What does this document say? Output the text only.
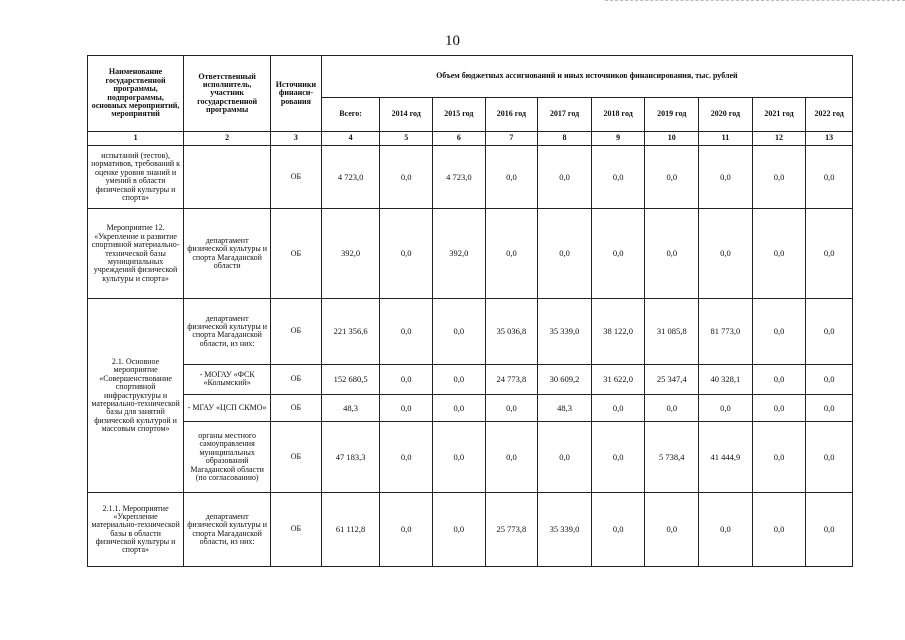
10
Наименование государственной программы, подпрограммы, основных мероприятий, мероприятий	Ответственный исполнитель, участник государственной программы	Источники финанси-рования	Объем бюджетных ассигнований и иных источников финансирования, тыс. рублей									
			Всего:	2014 год	2015 год	2016 год	2017 год	2018 год	2019 год	2020 год	2021 год	2022 год
1	2	3	4	5	6	7	8	9	10	11	12	13
испытаний (тестов), нормативов, требований к оценке уровня знаний и умений в области физической культуры и спорта»		ОБ	4 723,0	0,0	4 723,0	0,0	0,0	0,0	0,0	0,0	0,0	0,0
Мероприятие 12. «Укрепление и развитие спортивной материально-технической базы муниципальных учреждений физической культуры и спорта»	департамент физической культуры и спорта Магаданской области	ОБ	392,0	0,0	392,0	0,0	0,0	0,0	0,0	0,0	0,0	0,0
2.1. Основное мероприятие «Совершенствование спортивной инфраструктуры и материально-технической базы для занятий физической культурой и массовым спортом»	департамент физической культуры и спорта Магаданской области, из них:	ОБ	221 356,6	0,0	0,0	35 036,8	35 339,0	38 122,0	31 085,8	81 773,0	0,0	0,0
	- МОГАУ «ФСК «Колымский»	ОБ	152 680,5	0,0	0,0	24 773,8	30 609,2	31 622,0	25 347,4	40 328,1	0,0	0,0
	- МГАУ «ЦСП СКМО»	ОБ	48,3	0,0	0,0	0,0	48,3	0,0	0,0	0,0	0,0	0,0
	органы местного самоуправления муниципальных образований Магаданской области (по согласованию)	ОБ	47 183,3	0,0	0,0	0,0	0,0	0,0	5 738,4	41 444,9	0,0	0,0
2.1.1. Мероприятие «Укрепление материально-технической базы в области физической культуры и спорта»	департамент физической культуры и спорта Магаданской области, из них:	ОБ	61 112,8	0,0	0,0	25 773,8	35 339,0	0,0	0,0	0,0	0,0	0,0
